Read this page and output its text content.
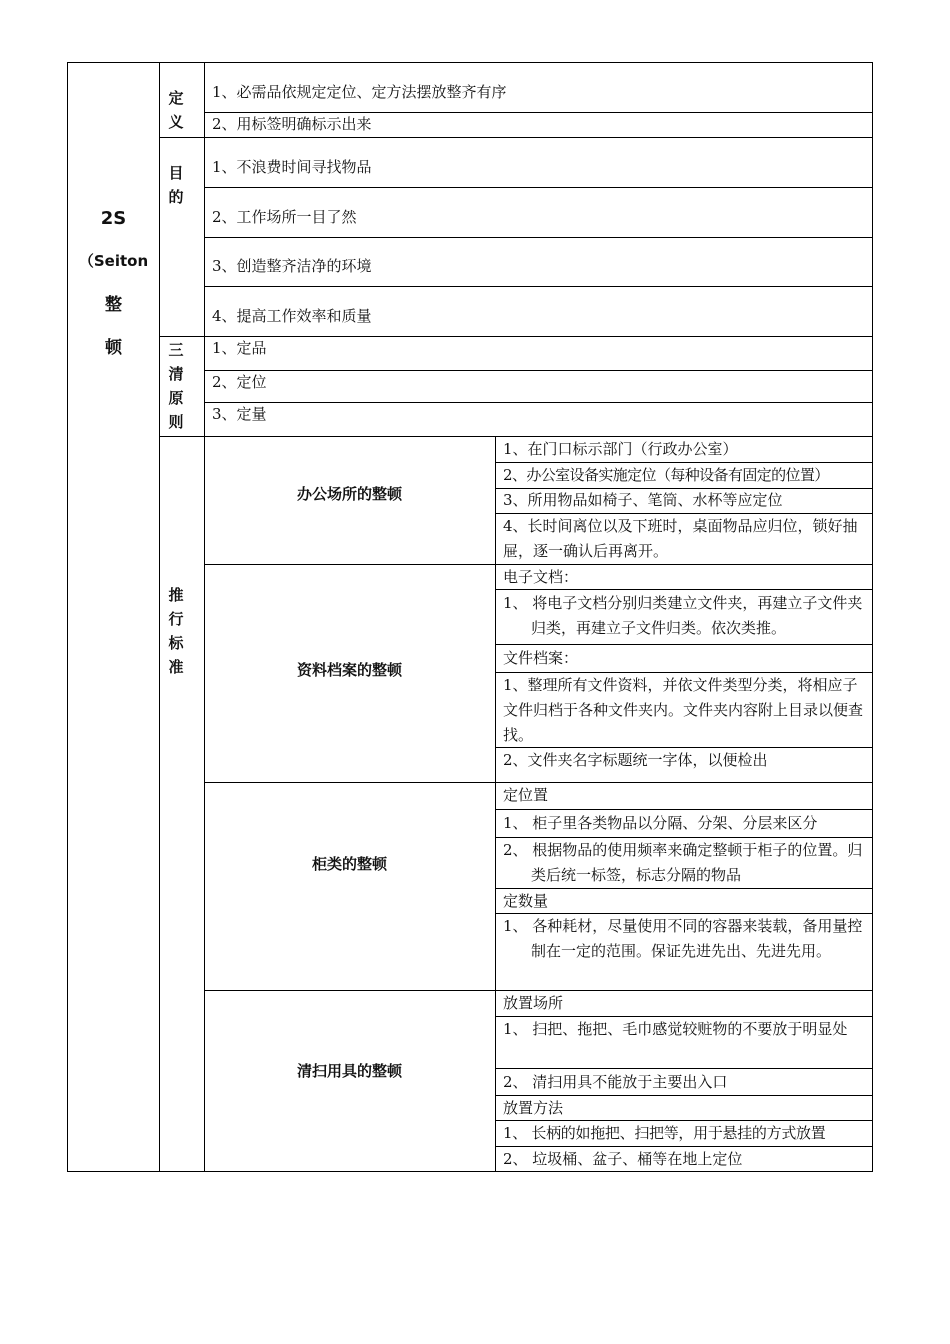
2S
（Seiton
整
顿
定
义
目
的
三
清
原
则
推
行
标
准
1、必需品依规定定位、定方法摆放整齐有序
2、用标签明确标示出来
1、不浪费时间寻找物品
2、工作场所一目了然
3、创造整齐洁净的环境
4、提高工作效率和质量
1、定品
2、定位
3、定量
办公场所的整顿
资料档案的整顿
柜类的整顿
清扫用具的整顿
1、在门口标示部门（行政办公室）
2、办公室设备实施定位（每种设备有固定的位置）
3、所用物品如椅子、笔筒、水杯等应定位
4、长时间离位以及下班时，桌面物品应归位，锁好抽屉，逐一确认后再离开。
电子文档：
1、 将电子文档分别归类建立文件夹，再建立子文件夹归类，再建立子文件归类。依次类推。
文件档案：
1、整理所有文件资料，并依文件类型分类，将相应子文件归档于各种文件夹内。文件夹内容附上目录以便查找。
2、文件夹名字标题统一字体，以便检出
定位置
1、 柜子里各类物品以分隔、分架、分层来区分
2、 根据物品的使用频率来确定整顿于柜子的位置。归类后统一标签，标志分隔的物品
定数量
1、 各种耗材，尽量使用不同的容器来装载，备用量控制在一定的范围。保证先进先出、先进先用。
放置场所
1、 扫把、拖把、毛巾感觉较赃物的不要放于明显处
2、 清扫用具不能放于主要出入口
放置方法
1、 长柄的如拖把、扫把等，用于悬挂的方式放置
2、 垃圾桶、盆子、桶等在地上定位
